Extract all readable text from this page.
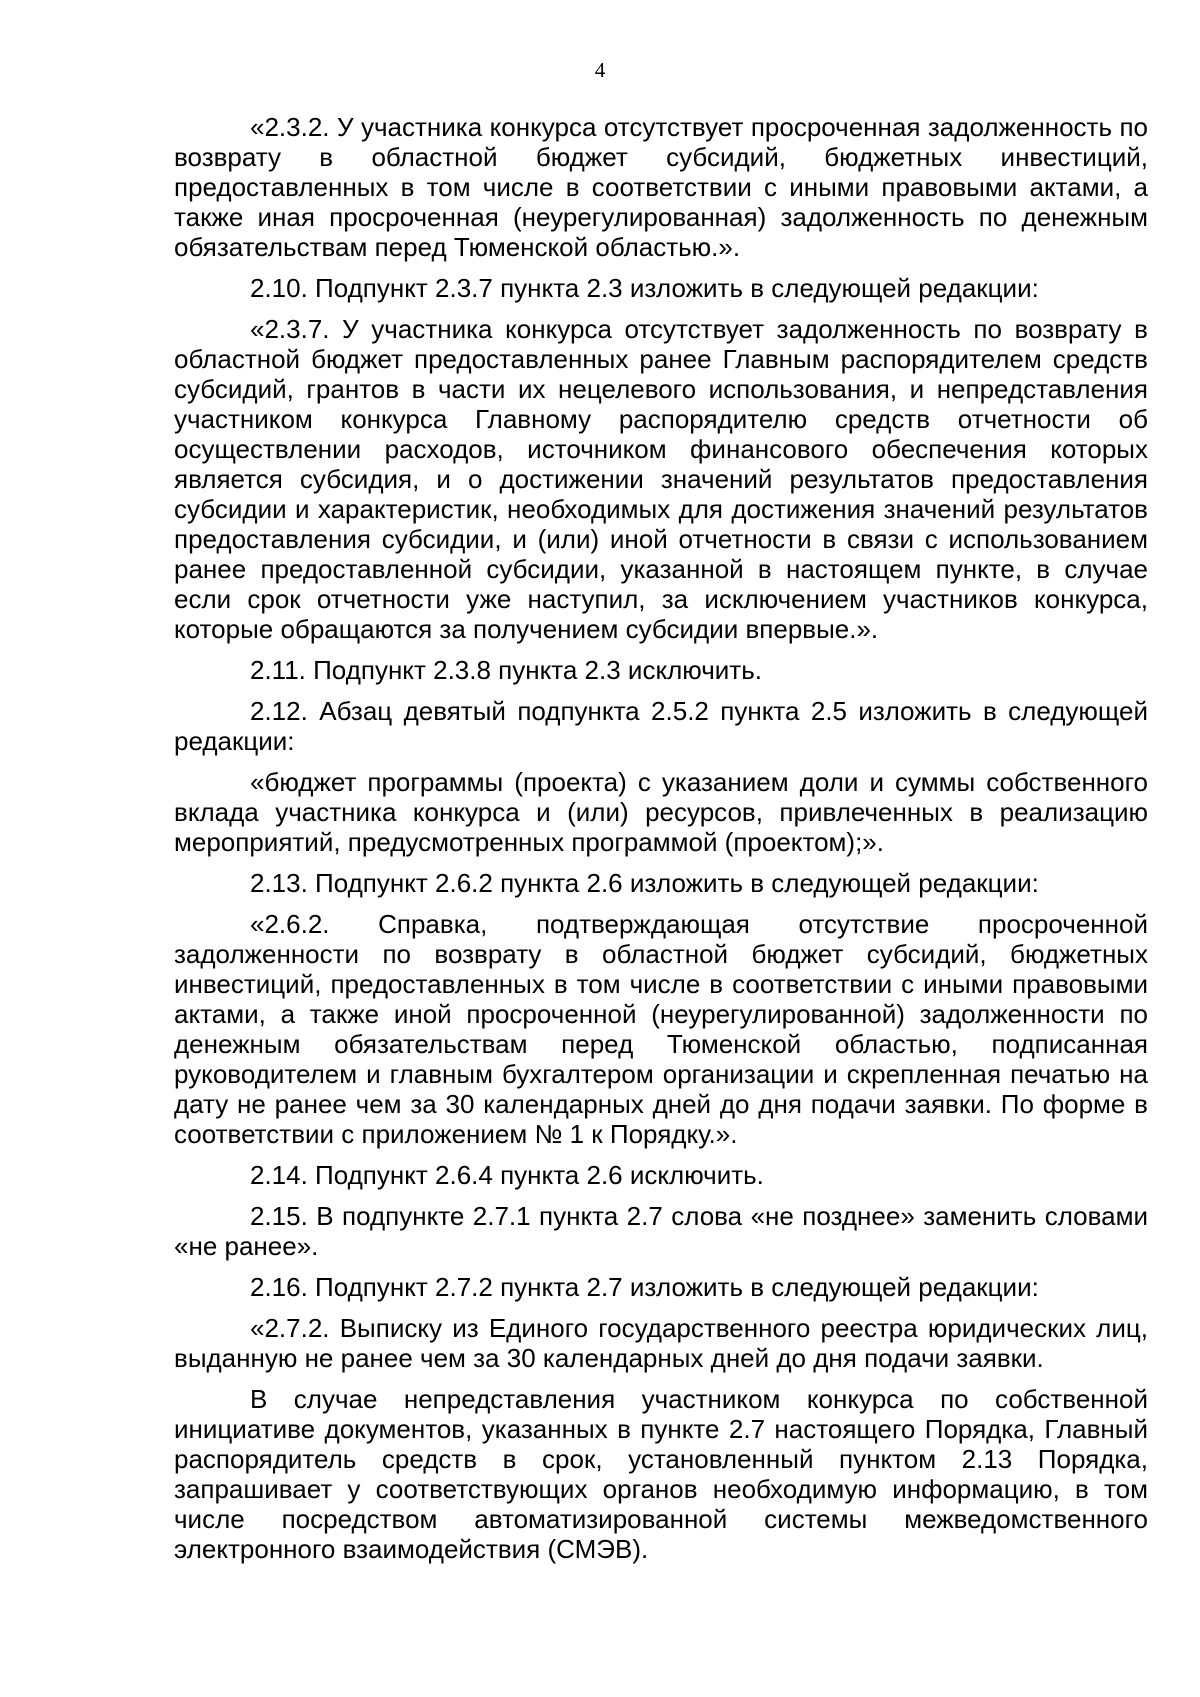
4

«2.3.2. У участника конкурса отсутствует просроченная задолженность по возврату в областной бюджет субсидий, бюджетных инвестиций, предоставленных в том числе в соответствии с иными правовыми актами, а также иная просроченная (неурегулированная) задолженность по денежным обязательствам перед Тюменской областью.».

2.10. Подпункт 2.3.7 пункта 2.3 изложить в следующей редакции:

«2.3.7. У участника конкурса отсутствует задолженность по возврату в областной бюджет предоставленных ранее Главным распорядителем средств субсидий, грантов в части их нецелевого использования, и непредставления участником конкурса Главному распорядителю средств отчетности об осуществлении расходов, источником финансового обеспечения которых является субсидия, и о достижении значений результатов предоставления субсидии и характеристик, необходимых для достижения значений результатов предоставления субсидии, и (или) иной отчетности в связи с использованием ранее предоставленной субсидии, указанной в настоящем пункте, в случае если срок отчетности уже наступил, за исключением участников конкурса, которые обращаются за получением субсидии впервые.».

2.11. Подпункт 2.3.8 пункта 2.3 исключить.

2.12. Абзац девятый подпункта 2.5.2 пункта 2.5 изложить в следующей редакции:

«бюджет программы (проекта) с указанием доли и суммы собственного вклада участника конкурса и (или) ресурсов, привлеченных в реализацию мероприятий, предусмотренных программой (проектом);».

2.13. Подпункт 2.6.2 пункта 2.6 изложить в следующей редакции:

«2.6.2. Справка, подтверждающая отсутствие просроченной задолженности по возврату в областной бюджет субсидий, бюджетных инвестиций, предоставленных в том числе в соответствии с иными правовыми актами, а также иной просроченной (неурегулированной) задолженности по денежным обязательствам перед Тюменской областью, подписанная руководителем и главным бухгалтером организации и скрепленная печатью на дату не ранее чем за 30 календарных дней до дня подачи заявки. По форме в соответствии с приложением № 1 к Порядку.».

2.14. Подпункт 2.6.4 пункта 2.6 исключить.

2.15. В подпункте 2.7.1 пункта 2.7 слова «не позднее» заменить словами «не ранее».

2.16. Подпункт 2.7.2 пункта 2.7 изложить в следующей редакции:

«2.7.2. Выписку из Единого государственного реестра юридических лиц, выданную не ранее чем за 30 календарных дней до дня подачи заявки.

В случае непредставления участником конкурса по собственной инициативе документов, указанных в пункте 2.7 настоящего Порядка, Главный распорядитель средств в срок, установленный пунктом 2.13 Порядка, запрашивает у соответствующих органов необходимую информацию, в том числе посредством автоматизированной системы межведомственного электронного взаимодействия (СМЭВ).
